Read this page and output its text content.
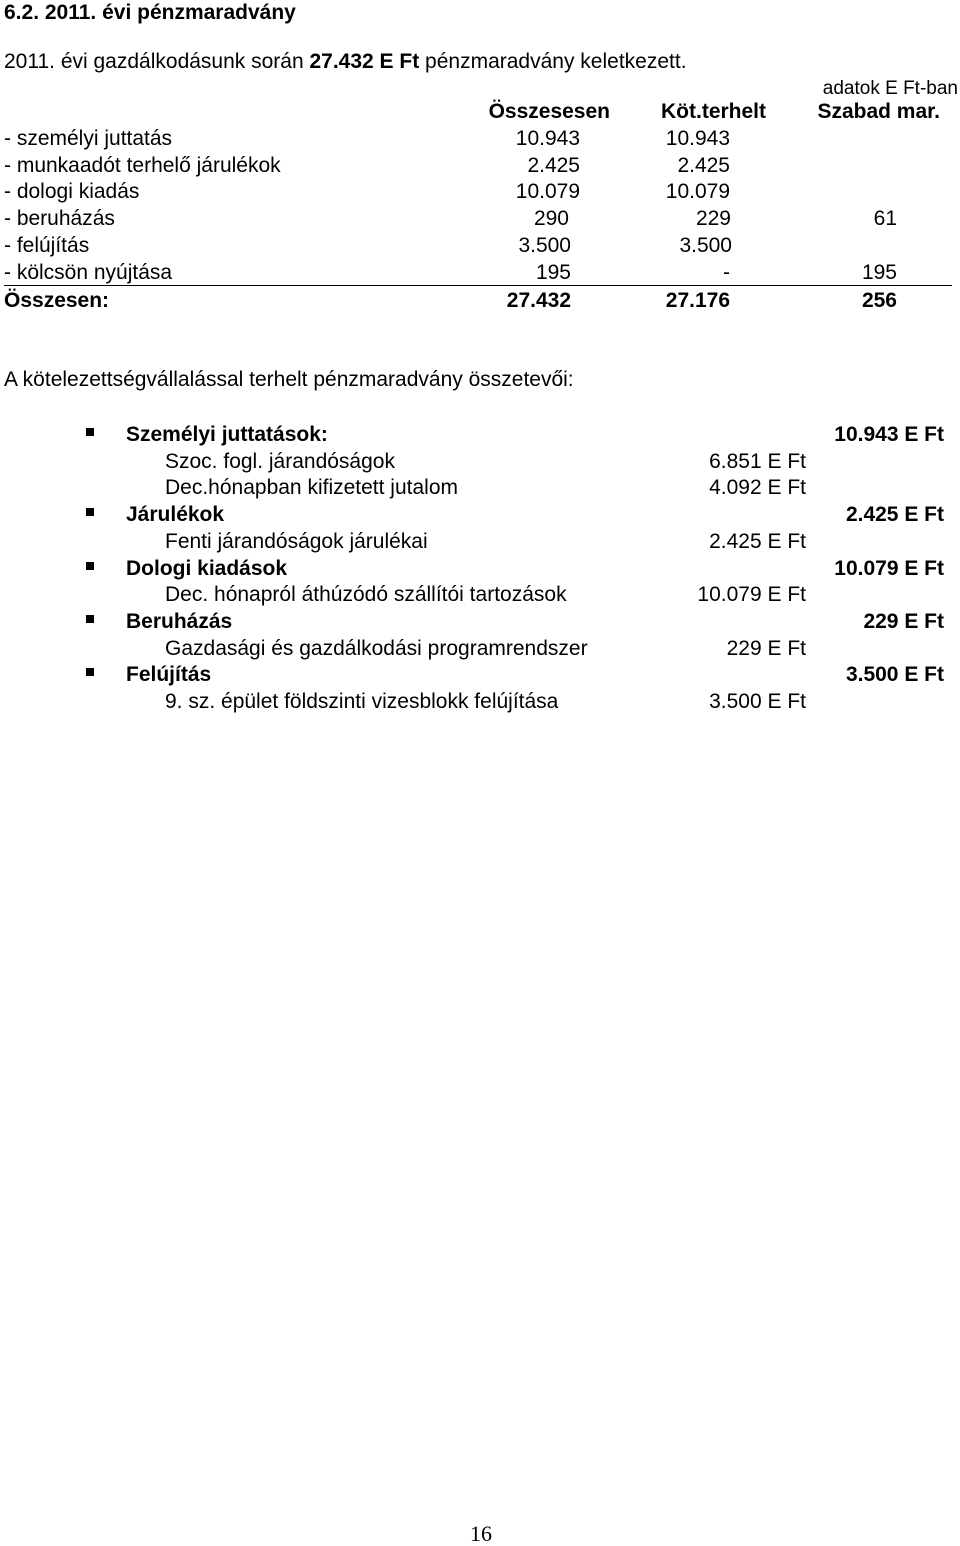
6.2. 2011. évi pénzmaradvány
2011. évi gazdálkodásunk során 27.432 E Ft pénzmaradvány keletkezett.
adatok E Ft-ban
Összesesen	Köt.terhelt	Szabad mar.
- személyi juttatás	10.943	10.943
- munkaadót terhelő járulékok	2.425	2.425
- dologi kiadás	10.079	10.079
- beruházás	290	229	61
- felújítás	3.500	3.500
- kölcsön nyújtása	195	-	195
Összesen:	27.432	27.176	256
A kötelezettségvállalással terhelt pénzmaradvány összetevői:
Személyi juttatások:	10.943 E Ft
Szoc. fogl. járandóságok	6.851 E Ft
Dec.hónapban kifizetett jutalom	4.092 E Ft
Járulékok	2.425 E Ft
Fenti járandóságok járulékai	2.425 E Ft
Dologi kiadások	10.079 E Ft
Dec. hónapról áthúzódó szállítói tartozások	10.079 E Ft
Beruházás	229 E Ft
Gazdasági és gazdálkodási programrendszer	229 E Ft
Felújítás	3.500 E Ft
9. sz. épület földszinti vizesblokk felújítása	3.500 E Ft
16
